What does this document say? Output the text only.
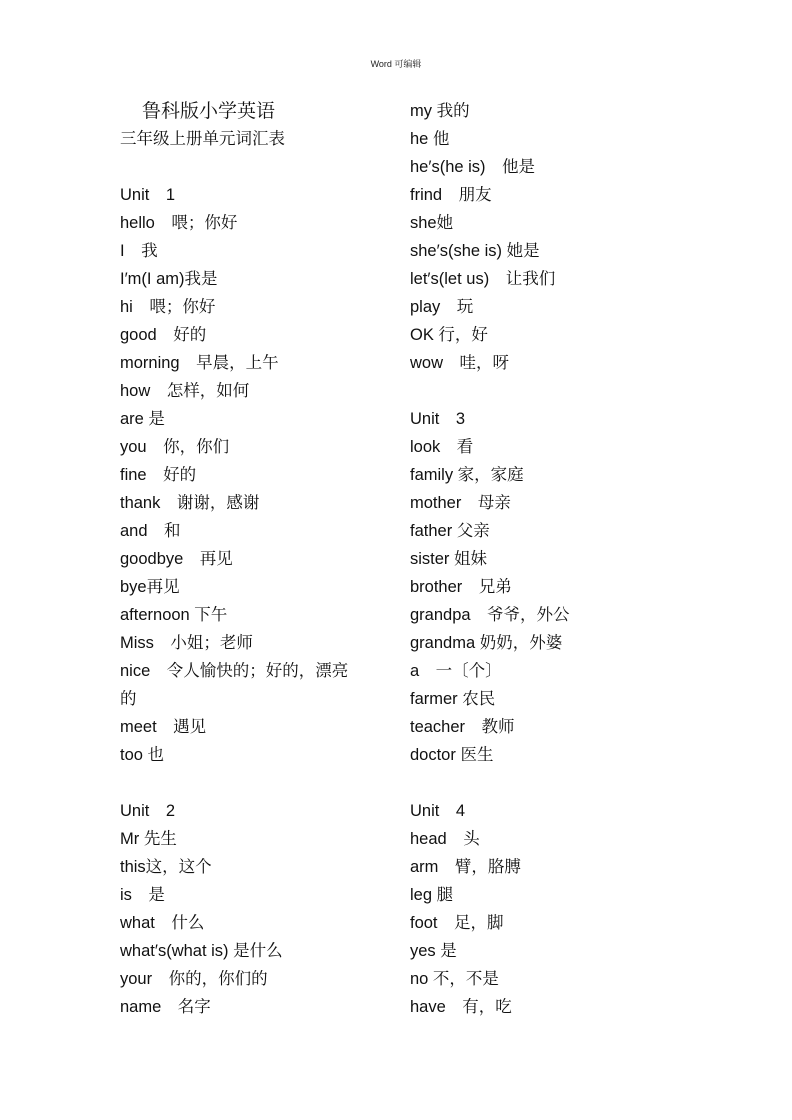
Word 可编辑
鲁科版小学英语
三年级上册单元词汇表
Unit　1
hello　喂；你好
I　我
I′m(I am)我是
hi　喂；你好
good　好的
morning　早晨，上午
how　怎样，如何
are 是
you　你，你们
fine　好的
thank　谢谢，感谢
and　和
goodbye　再见
bye再见
afternoon 下午
Miss　小姐；老师
nice　令人愉快的；好的，漂亮
的
meet　遇见
too 也
Unit　2
Mr 先生
this这，这个
is　是
what　什么
what′s(what is) 是什么
your　你的，你们的
name　名字
my 我的
he 他
he′s(he is)　他是
frind　朋友
she她
she′s(she is) 她是
let′s(let us)　让我们
play　玩
OK 行，好
wow　哇，呀
Unit　3
look　看
family 家，家庭
mother　母亲
father 父亲
sister 姐妹
brother　兄弟
grandpa　爷爷，外公
grandma 奶奶，外婆
a　一〔个〕
farmer 农民
teacher　教师
doctor 医生
Unit　4
head　头
arm　臂，胳膊
leg 腿
foot　足，脚
yes 是
no 不，不是
have　有，吃
